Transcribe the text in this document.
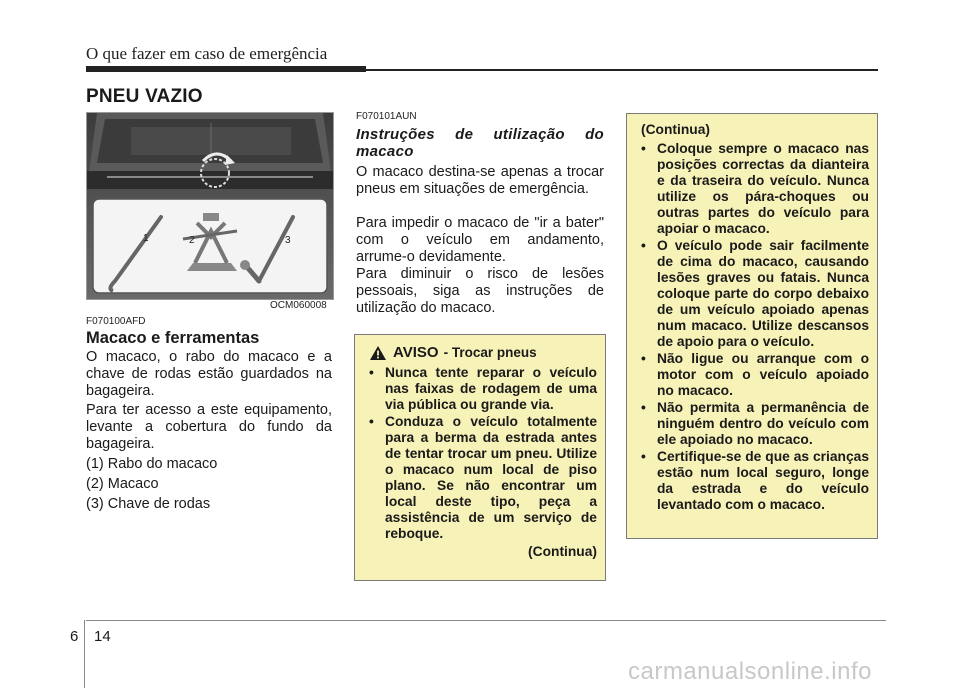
O que fazer em caso de emergência
PNEU VAZIO
1	2	3
OCM060008
F070100AFD
Macaco e ferramentas
O macaco, o rabo do macaco e a chave de rodas estão guardados na bagageira.
Para ter acesso a este equipamento, levante a cobertura do fundo da bagageira.
(1) Rabo do macaco
(2) Macaco
(3) Chave de rodas
F070101AUN
Instruções de utilização do macaco
O macaco destina-se apenas a trocar pneus em situações de emergência.
Para impedir o macaco de "ir a bater" com o veículo em andamento, arrume-o devidamente.
Para diminuir o risco de lesões pessoais, siga as instruções de utilização do macaco.
AVISO - Trocar pneus
• Nunca tente reparar o veículo nas faixas de rodagem de uma via pública ou grande via.
• Conduza o veículo totalmente para a berma da estrada antes de tentar trocar um pneu. Utilize o macaco num local de piso plano. Se não encontrar um local deste tipo, peça a assistência de um serviço de reboque.
(Continua)
(Continua)
• Coloque sempre o macaco nas posições correctas da dianteira e da traseira do veículo. Nunca utilize os pára-choques ou outras partes do veículo para apoiar o macaco.
• O veículo pode sair facilmente de cima do macaco, causando lesões graves ou fatais. Nunca coloque parte do corpo debaixo de um veículo apoiado apenas num macaco. Utilize descansos de apoio para o veículo.
• Não ligue ou arranque com o motor com o veículo apoiado no macaco.
• Não permita a permanência de ninguém dentro do veículo com ele apoiado no macaco.
• Certifique-se de que as crianças estão num local seguro, longe da estrada e do veículo levantado com o macaco.
6 14
carmanualsonline.info
